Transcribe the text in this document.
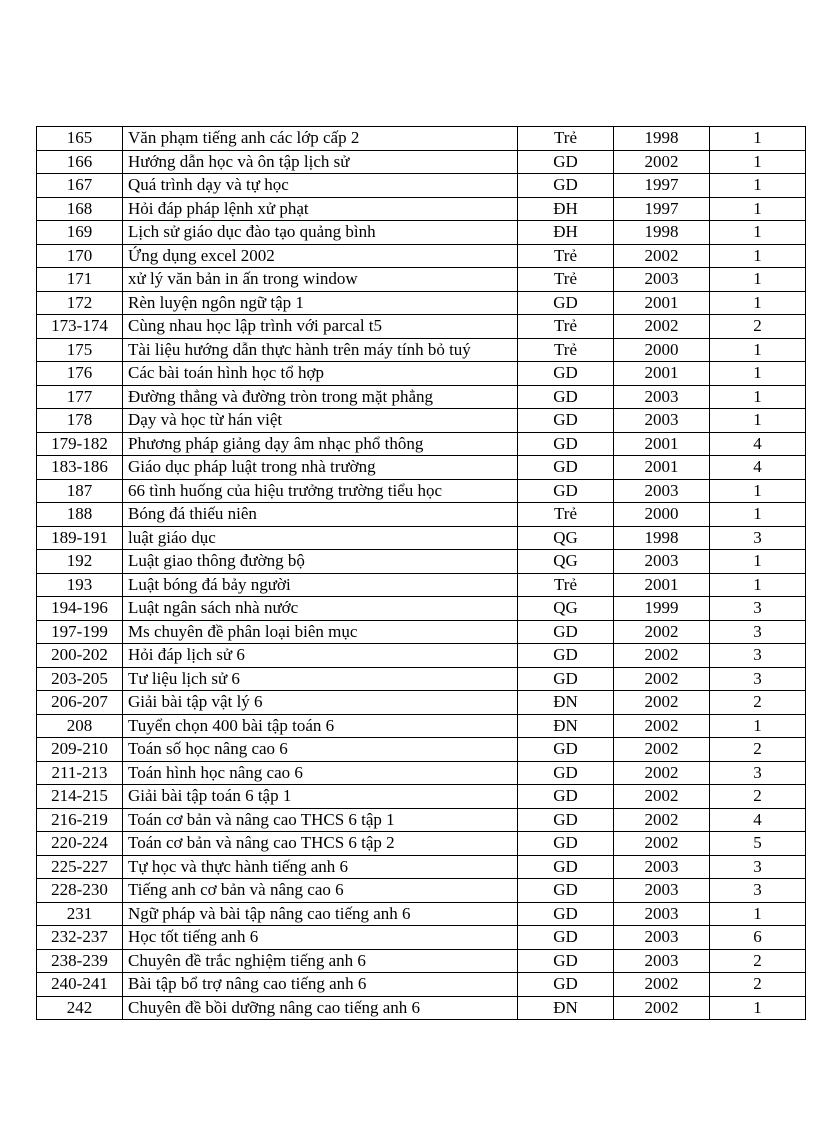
165	Văn phạm tiếng anh các lớp cấp 2	Trẻ	1998	1
166	Hướng dẫn học và ôn tập lịch sử	GD	2002	1
167	Quá trình dạy và tự học	GD	1997	1
168	Hỏi đáp pháp lệnh xử phạt	ĐH	1997	1
169	Lịch sử giáo dục đào tạo quảng bình	ĐH	1998	1
170	Ứng dụng excel 2002	Trẻ	2002	1
171	xử lý văn bản in ấn trong window	Trẻ	2003	1
172	Rèn luyện ngôn ngữ tập 1	GD	2001	1
173-174	Cùng nhau học lập trình với parcal t5	Trẻ	2002	2
175	Tài liệu hướng dẫn thực hành trên máy tính bỏ tuý	Trẻ	2000	1
176	Các bài toán hình học tổ hợp	GD	2001	1
177	Đường thẳng và đường tròn trong mặt phẳng	GD	2003	1
178	Dạy và học từ hán việt	GD	2003	1
179-182	Phương pháp giảng dạy âm nhạc phổ thông	GD	2001	4
183-186	Giáo dục pháp luật trong nhà trường	GD	2001	4
187	66 tình huống của hiệu trưởng trường tiểu học	GD	2003	1
188	Bóng đá thiếu niên	Trẻ	2000	1
189-191	luật giáo dục	QG	1998	3
192	Luật giao thông đường bộ	QG	2003	1
193	Luật bóng đá bảy người	Trẻ	2001	1
194-196	Luật ngân sách nhà nước	QG	1999	3
197-199	Ms chuyên đề phân loại biên mục	GD	2002	3
200-202	Hỏi đáp lịch sử 6	GD	2002	3
203-205	Tư liệu lịch sử 6	GD	2002	3
206-207	Giải bài tập vật lý 6	ĐN	2002	2
208	Tuyển chọn 400 bài tập toán 6	ĐN	2002	1
209-210	Toán số học nâng cao 6	GD	2002	2
211-213	Toán hình học nâng cao 6	GD	2002	3
214-215	Giải bài tập toán 6 tập 1	GD	2002	2
216-219	Toán cơ bản và nâng cao THCS 6 tập 1	GD	2002	4
220-224	Toán cơ bản và nâng cao THCS 6 tập 2	GD	2002	5
225-227	Tự học và thực hành tiếng anh 6	GD	2003	3
228-230	Tiếng anh cơ bản và nâng cao 6	GD	2003	3
231	Ngữ pháp và bài tập nâng cao tiếng anh 6	GD	2003	1
232-237	Học tốt tiếng anh 6	GD	2003	6
238-239	Chuyên đề trắc nghiệm tiếng anh 6	GD	2003	2
240-241	Bài tập bổ trợ nâng cao tiếng anh 6	GD	2002	2
242	Chuyên đề bồi dưỡng nâng cao tiếng anh 6	ĐN	2002	1
